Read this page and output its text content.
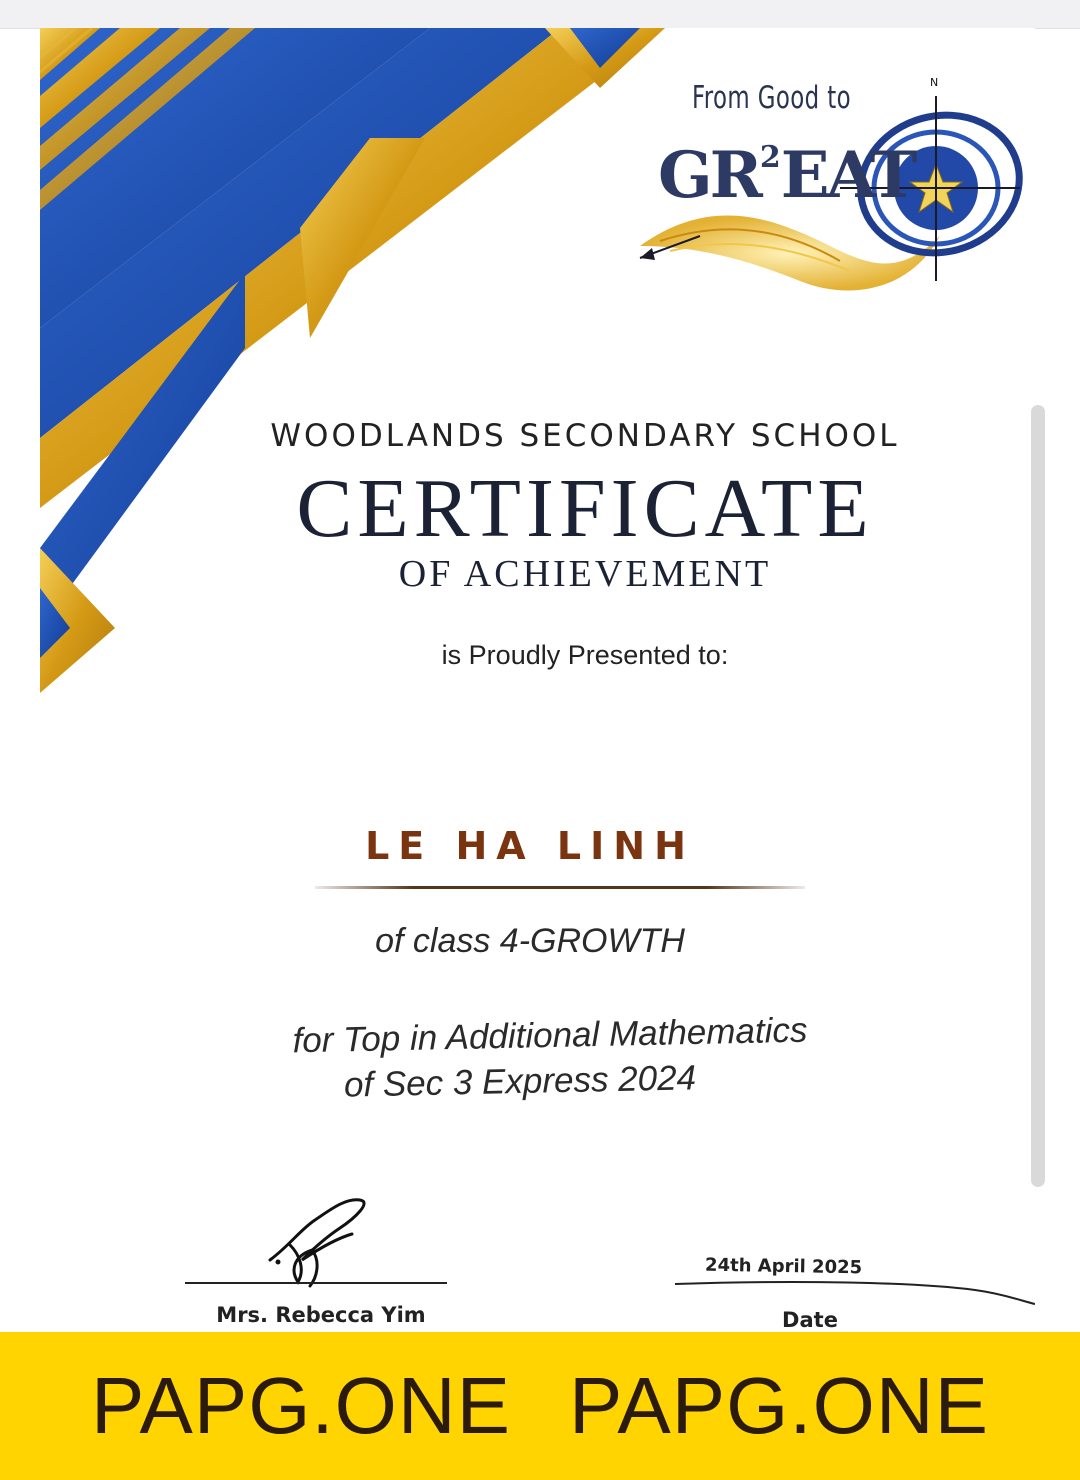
From Good to
$GR^2EAT$
N
WOODLANDS SECONDARY SCHOOL
CERTIFICATE
OF ACHIEVEMENT
is Proudly Presented to:
LE HA LINH
of class 4-GROWTH
for Top in Additional Mathematics
of Sec 3 Express 2024
Mrs. Rebecca Yim
24th April 2025
Date
PAPG.ONE PAPG.ONE
